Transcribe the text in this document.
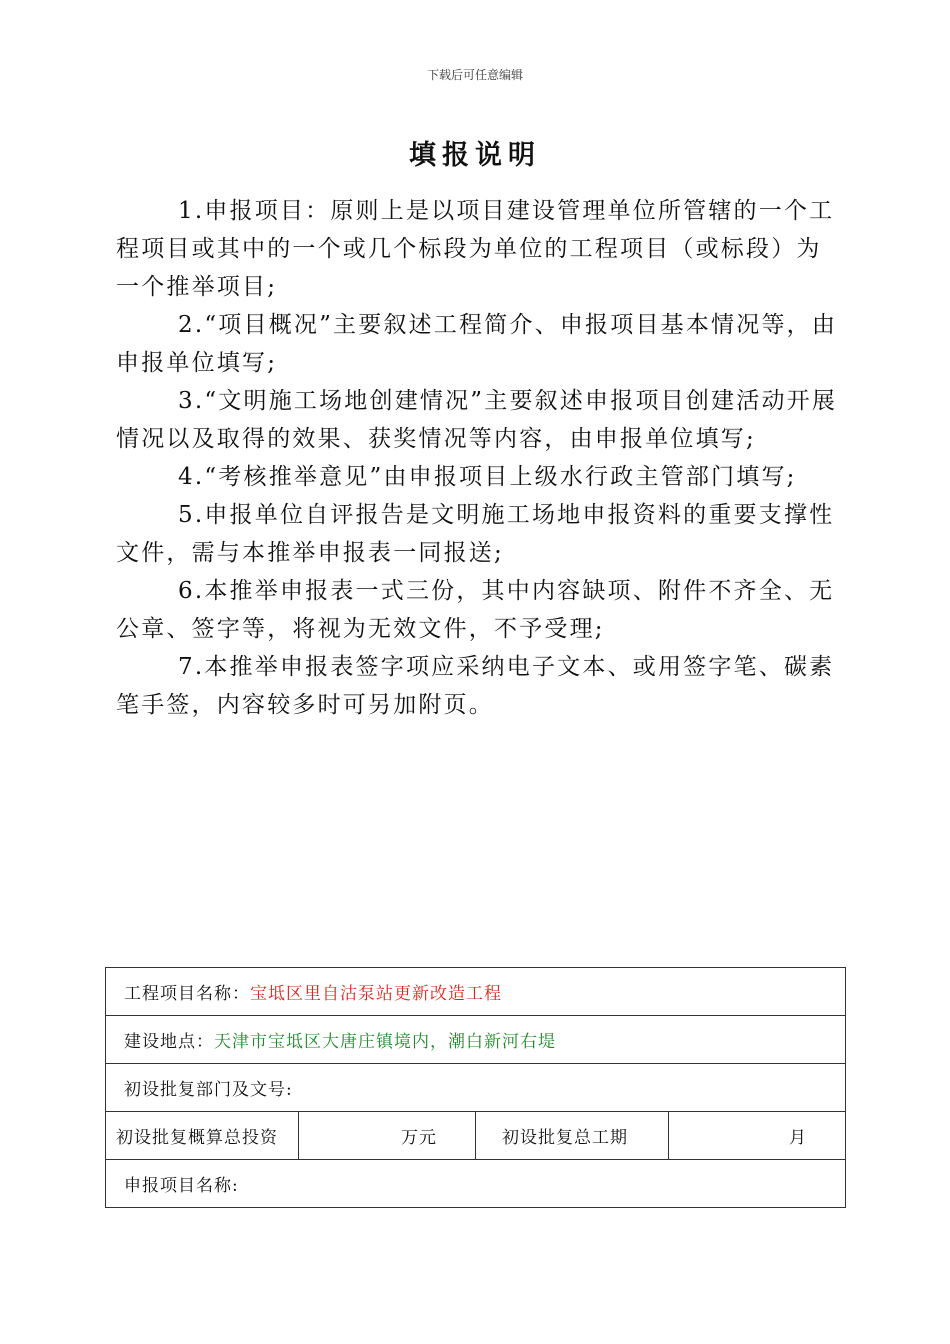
下载后可任意编辑
填报说明

1.申报项目：原则上是以项目建设管理单位所管辖的一个工程项目或其中的一个或几个标段为单位的工程项目（或标段）为一个推举项目;

2.“项目概况”主要叙述工程简介、申报项目基本情况等，由申报单位填写;

3.“文明施工场地创建情况”主要叙述申报项目创建活动开展情况以及取得的效果、获奖情况等内容，由申报单位填写;

4.“考核推举意见”由申报项目上级水行政主管部门填写;

5.申报单位自评报告是文明施工场地申报资料的重要支撑性文件，需与本推举申报表一同报送;

6.本推举申报表一式三份，其中内容缺项、附件不齐全、无公章、签字等，将视为无效文件，不予受理;

7.本推举申报表签字项应采纳电子文本、或用签字笔、碳素笔手签，内容较多时可另加附页。

工程项目名称：宝坻区里自沽泵站更新改造工程
建设地点：天津市宝坻区大唐庄镇境内，潮白新河右堤
初设批复部门及文号:
初设批复概算总投资	万元	初设批复总工期	月
申报项目名称:
